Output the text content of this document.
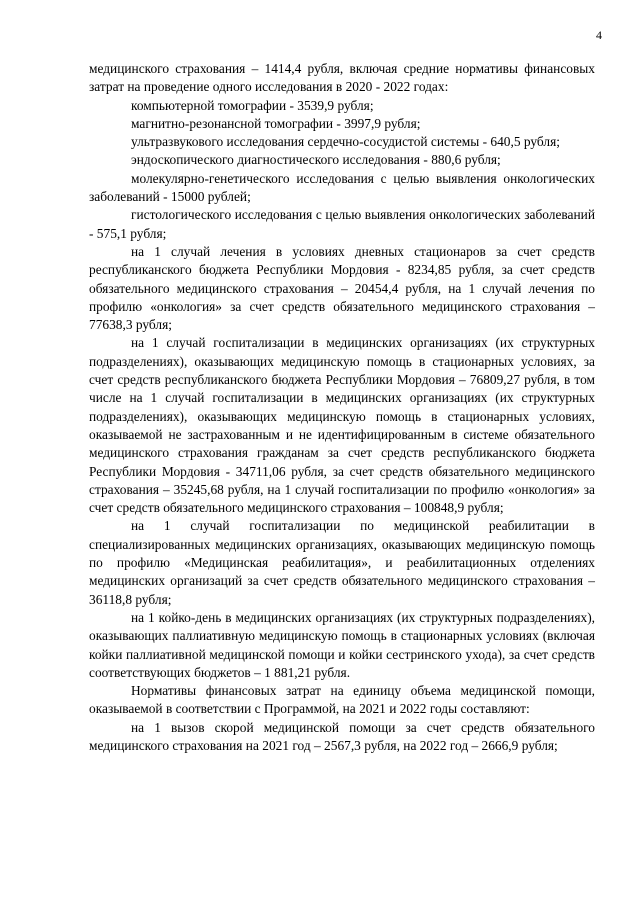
4

медицинского страхования – 1414,4 рубля, включая средние нормативы финансовых затрат на проведение одного исследования в 2020 - 2022 годах:

компьютерной томографии - 3539,9 рубля;

магнитно-резонансной томографии - 3997,9 рубля;

ультразвукового исследования сердечно-сосудистой системы - 640,5 рубля;

эндоскопического диагностического исследования - 880,6 рубля;

молекулярно-генетического исследования с целью выявления онкологических заболеваний - 15000 рублей;

гистологического исследования с целью выявления онкологических заболеваний - 575,1 рубля;

на 1 случай лечения в условиях дневных стационаров за счет средств республиканского бюджета Республики Мордовия - 8234,85 рубля, за счет средств обязательного медицинского страхования – 20454,4 рубля, на 1 случай лечения по профилю «онкология» за счет средств обязательного медицинского страхования – 77638,3 рубля;

на 1 случай госпитализации в медицинских организациях (их структурных подразделениях), оказывающих медицинскую помощь в стационарных условиях, за счет средств республиканского бюджета Республики Мордовия – 76809,27 рубля, в том числе на 1 случай госпитализации в медицинских организациях (их структурных подразделениях), оказывающих медицинскую помощь в стационарных условиях, оказываемой не застрахованным и не идентифицированным в системе обязательного медицинского страхования гражданам за счет средств республиканского бюджета Республики Мордовия - 34711,06 рубля, за счет средств обязательного медицинского страхования – 35245,68 рубля, на 1 случай госпитализации по профилю «онкология» за счет средств обязательного медицинского страхования – 100848,9 рубля;

на 1 случай госпитализации по медицинской реабилитации в специализированных медицинских организациях, оказывающих медицинскую помощь по профилю «Медицинская реабилитация», и реабилитационных отделениях медицинских организаций за счет средств обязательного медицинского страхования – 36118,8 рубля;

на 1 койко-день в медицинских организациях (их структурных подразделениях), оказывающих паллиативную медицинскую помощь в стационарных условиях (включая койки паллиативной медицинской помощи и койки сестринского ухода), за счет средств соответствующих бюджетов – 1 881,21 рубля.

Нормативы финансовых затрат на единицу объема медицинской помощи, оказываемой в соответствии с Программой, на 2021 и 2022 годы составляют:

на 1 вызов скорой медицинской помощи за счет средств обязательного медицинского страхования на 2021 год – 2567,3 рубля, на 2022 год – 2666,9 рубля;
